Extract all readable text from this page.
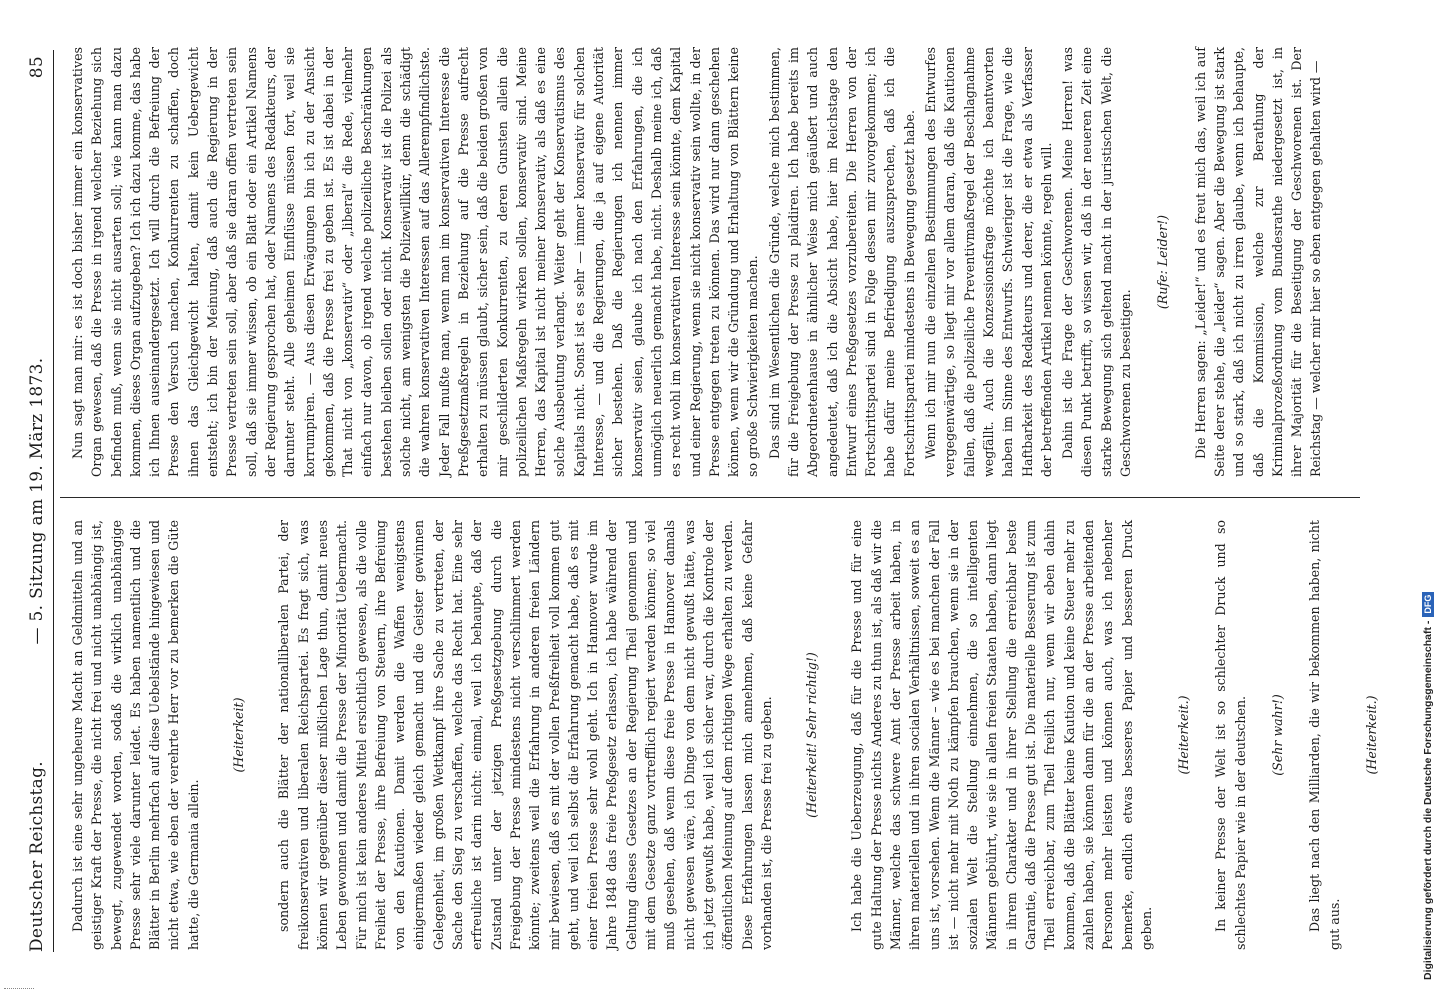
Deutscher Reichstag.
— 5. Sitzung am 19. März 1873.
85

Dadurch ist eine sehr ungeheure Macht an Geldmitteln und an geistiger Kraft der Presse, die nicht frei und nicht unabhängig ist, bewegt, zugewendet worden, sodaß die wirklich unabhängige Presse sehr viele darunter leidet. Es haben namentlich und die Blätter in Berlin mehrfach auf diese Uebelstände hingewiesen und nicht etwa, wie eben der verehrte Herr vor zu bemerken die Güte hatte, die Germania allein.

(Heiterkeit) sondern auch die Blätter der nationalliberalen Partei, der freikonservativen und liberalen Reichspartei. Es fragt sich, was können wir gegenüber dieser mißlichen Lage thun, damit neues Leben gewonnen und damit die Presse der Minorität Uebermacht. Für mich ist kein anderes Mittel ersichtlich gewesen, als die volle Freiheit der Presse, ihre Befreiung von Steuern, ihre Befreiung von den Kautionen. Damit werden die Waffen wenigstens einigermaßen wieder gleich gemacht und die Geister gewinnen Gelegenheit, im großen Wettkampf ihre Sache zu vertreten, der Sache den Sieg zu verschaffen, welche das Recht hat. Eine sehr erfreuliche ist darin nicht: einmal, weil ich behaupte, daß der Zustand unter der jetzigen Preßgesetzgebung durch die Freigebung der Presse mindestens nicht verschlimmert werden könnte; zweitens weil die Erfahrung in anderen freien Ländern mir bewiesen, daß es mit der vollen Preßfreiheit voll kommen gut geht, und weil ich selbst die Erfahrung gemacht habe, daß es mit einer freien Presse sehr wohl geht. Ich in Hannover wurde im Jahre 1848 das freie Preßgesetz erlassen, ich habe während der Geltung dieses Gesetzes an der Regierung Theil genommen und mit dem Gesetze ganz vortrefflich regiert werden können; so viel muß gesehen, daß wenn diese freie Presse in Hannover damals nicht gewesen wäre, ich Dinge von dem nicht gewußt hätte, was ich jetzt gewußt habe, weil ich sicher war, durch die Kontrole der öffentlichen Meinung auf dem richtigen Wege erhalten zu werden. Diese Erfahrungen lassen mich annehmen, daß keine Gefahr vorhanden ist, die Presse frei zu geben. (Heiterkeit! Sehr richtig!) Ich habe die Ueberzeugung, daß für die Presse und für eine gute Haltung der Presse nichts Anderes zu thun ist, als daß wir die Männer, welche das schwere Amt der Presse arbeit haben, in ihren materiellen und in ihren socialen Verhältnissen, soweit es an uns ist, vorsehen. Wenn die Männer – wie es bei manchen der Fall ist — nicht mehr mit Noth zu kämpfen brauchen, wenn sie in der sozialen Welt die Stellung einnehmen, die so intelligenten Männern gebührt, wie sie in allen freien Staaten haben, dann liegt in ihrem Charakter und in ihrer Stellung die erreichbar beste Garantie, daß die Presse gut ist. Die materielle Besserung ist zum Theil erreichbar, zum Theil freilich nur, wenn wir eben dahin kommen, daß die Blätter keine Kaution und keine Steuer mehr zu zahlen haben, sie können dann für die an der Presse arbeitenden Personen mehr leisten und können auch, was ich nebenher bemerke, endlich etwas besseres Papier und besseren Druck geben.

(Heiterkeit.) In keiner Presse der Welt ist so schlechter Druck und so schlechtes Papier wie in der deutschen. (Sehr wahr!) Das liegt nach den Milliarden, die wir bekommen haben, nicht gut aus.

(Heiterkeit.)

Nun sagt man mir: es ist doch bisher immer ein konservatives Organ gewesen, daß die Presse in irgend welcher Beziehung sich befinden muß, wenn sie nicht ausarten soll; wie kann man dazu kommen, dieses Organ aufzugeben? Ich ich dazu komme, das habe ich Ihnen auseinandergesetzt. Ich will durch die Befreiung der Presse den Versuch machen, Konkurrenten zu schaffen, doch ihnen das Gleichgewicht halten, damit kein Uebergewicht entsteht; ich bin der Meinung, daß auch die Regierung in der Presse vertreten sein soll, aber daß sie daran offen vertreten sein soll, daß sie immer wissen, ob ein Blatt oder ein Artikel Namens der Regierung gesprochen hat, oder Namens des Redakteurs, der darunter steht. Alle geheimen Einflüsse müssen fort, weil sie korrumpiren. — Aus diesen Erwägungen bin ich zu der Ansicht gekommen, daß die Presse frei zu geben ist. Es ist dabei in der That nicht von „konservativ“ oder „liberal“ die Rede, vielmehr einfach nur davon, ob irgend welche polizeiliche Beschränkungen bestehen bleiben sollen oder nicht. Konservativ ist die Polizei als solche nicht, am wenigsten die Polizeiwillkür, denn die schädigt die wahren konservativen Interessen auf das Allerempfindlichste. Jeder Fall mußte man, wenn man im konservativen Interesse die Preßgesetzmaßregeln in Beziehung auf die Presse aufrecht erhalten zu müssen glaubt, sicher sein, daß die beiden großen von mir geschilderten Konkurrenten, zu deren Gunsten allein die polizeilichen Maßregeln wirken sollen, konservativ sind. Meine Herren, das Kapital ist nicht meiner konservativ, als daß es eine solche Ausbeutung verlangt. Weiter geht der Konservatismus des Kapitals nicht. Sonst ist es sehr — immer konservativ für solchen Interesse, — und die Regierungen, die ja auf eigene Autorität sicher bestehen. Daß die Regierungen ich nennen immer konservativ seien, glaube ich nach den Erfahrungen, die ich unmöglich neuerlich gemacht habe, nicht. Deshalb meine ich, daß es recht wohl im konservativen Interesse sein könnte, dem Kapital und einer Regierung, wenn sie nicht konservativ sein wollte, in der Presse entgegen treten zu können. Das wird nur dann geschehen können, wenn wir die Gründung und Erhaltung von Blättern keine so große Schwierigkeiten machen. Das sind im Wesentlichen die Gründe, welche mich bestimmen, für die Freigebung der Presse zu plaidiren. Ich habe bereits im Abgeordnetenhause in ähnlicher Weise mich geäußert und auch angedeutet, daß ich die Absicht habe, hier im Reichstage den Entwurf eines Preßgesetzes vorzubereiten. Die Herren von der Fortschrittspartei sind in Folge dessen mir zuvorgekommen; ich habe dafür meine Befriedigung auszusprechen, daß ich die Fortschrittspartei mindestens in Bewegung gesetzt habe. Wenn ich mir nun die einzelnen Bestimmungen des Entwurfes vergegenwärtige, so liegt mir vor allem daran, daß die Kautionen fallen, daß die polizeiliche Preventivmaßregel der Beschlagnahme wegfällt. Auch die Konzessionsfrage möchte ich beantworten haben im Sinne des Entwurfs. Schwieriger ist die Frage, wie die Haftbarkeit des Redakteurs und derer, die er etwa als Verfasser der betreffenden Artikel nennen könnte, regeln will. Dahin ist die Frage der Geschworenen. Meine Herren! was diesen Punkt betrifft, so wissen wir, daß in der neueren Zeit eine starke Bewegung sich geltend macht in der juristischen Welt, die Geschworenen zu beseitigen.

(Rufe: Leider!) Die Herren sagen: „Leider!“ und es freut mich das, weil ich auf Seite derer stehe, die „leider“ sagen. Aber die Bewegung ist stark und so stark, daß ich nicht zu irren glaube, wenn ich behaupte, daß die Kommission, welche zur Berathung der Kriminalprozeßordnung vom Bundesrathe niedergesetzt ist, in ihrer Majorität für die Beseitigung der Geschworenen ist. Der Reichstag — welcher mir hier so eben entgegen gehalten wird —

Digitalisierung gefördert durch die Deutsche Forschungsgemeinschaft -
DFG
